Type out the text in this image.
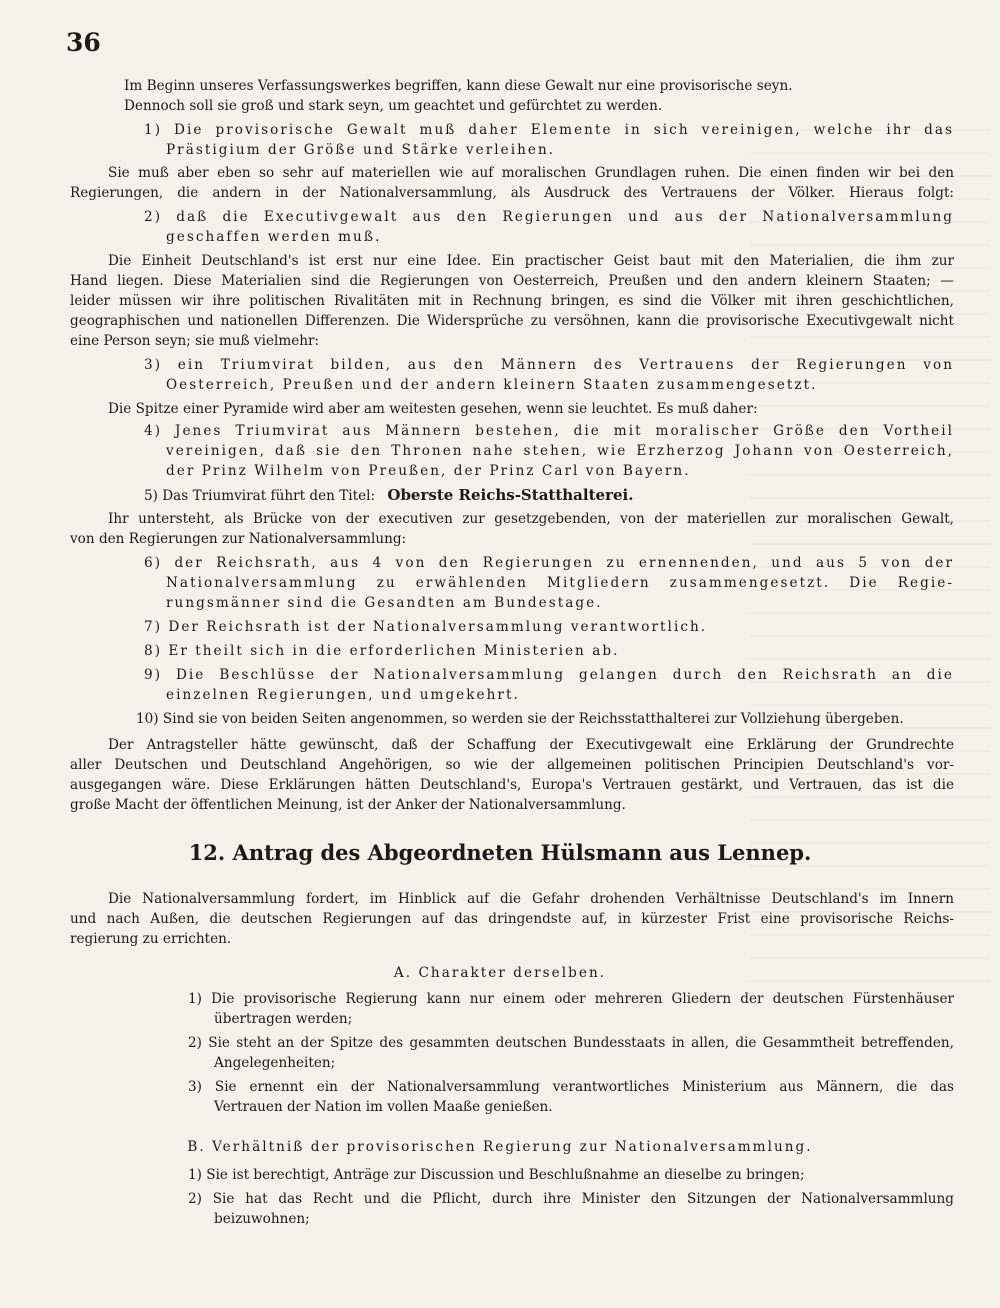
36

Im Beginn unseres Verfassungswerkes begriffen, kann diese Gewalt nur eine provisorische seyn.

Dennoch soll sie groß und stark seyn, um geachtet und gefürchtet zu werden.

1) Die provisorische Gewalt muß daher Elemente in sich vereinigen, welche ihr das

Prästigium der Größe und Stärke verleihen.

Sie muß aber eben so sehr auf materiellen wie auf moralischen Grundlagen ruhen. Die einen finden wir bei den

Regierungen, die andern in der Nationalversammlung, als Ausdruck des Vertrauens der Völker. Hieraus folgt:

2) daß die Executivgewalt aus den Regierungen und aus der Nationalversammlung

geschaffen werden muß.

Die Einheit Deutschland's ist erst nur eine Idee. Ein practischer Geist baut mit den Materialien, die ihm zur

Hand liegen. Diese Materialien sind die Regierungen von Oesterreich, Preußen und den andern kleinern Staaten; —

leider müssen wir ihre politischen Rivalitäten mit in Rechnung bringen, es sind die Völker mit ihren geschichtlichen,

geographischen und nationellen Differenzen. Die Widersprüche zu versöhnen, kann die provisorische Executivgewalt nicht

eine Person seyn; sie muß vielmehr:

3) ein Triumvirat bilden, aus den Männern des Vertrauens der Regierungen von

Oesterreich, Preußen und der andern kleinern Staaten zusammengesetzt.

Die Spitze einer Pyramide wird aber am weitesten gesehen, wenn sie leuchtet. Es muß daher:

4) Jenes Triumvirat aus Männern bestehen, die mit moralischer Größe den Vortheil

vereinigen, daß sie den Thronen nahe stehen, wie Erzherzog Johann von Oesterreich,

der Prinz Wilhelm von Preußen, der Prinz Carl von Bayern.

5) Das Triumvirat führt den Titel: Oberste Reichs-Statthalterei.

Ihr untersteht, als Brücke von der executiven zur gesetzgebenden, von der materiellen zur moralischen Gewalt,

von den Regierungen zur Nationalversammlung:

6) der Reichsrath, aus 4 von den Regierungen zu ernennenden, und aus 5 von der

Nationalversammlung zu erwählenden Mitgliedern zusammengesetzt. Die Regie-

rungsmänner sind die Gesandten am Bundestage.

7) Der Reichsrath ist der Nationalversammlung verantwortlich.

8) Er theilt sich in die erforderlichen Ministerien ab.

9) Die Beschlüsse der Nationalversammlung gelangen durch den Reichsrath an die

einzelnen Regierungen, und umgekehrt.

10) Sind sie von beiden Seiten angenommen, so werden sie der Reichsstatthalterei zur Vollziehung übergeben.

Der Antragsteller hätte gewünscht, daß der Schaffung der Executivgewalt eine Erklärung der Grundrechte

aller Deutschen und Deutschland Angehörigen, so wie der allgemeinen politischen Principien Deutschland's vor-

ausgegangen wäre. Diese Erklärungen hätten Deutschland's, Europa's Vertrauen gestärkt, und Vertrauen, das ist die

große Macht der öffentlichen Meinung, ist der Anker der Nationalversammlung.

12. Antrag des Abgeordneten Hülsmann aus Lennep.

Die Nationalversammlung fordert, im Hinblick auf die Gefahr drohenden Verhältnisse Deutschland's im Innern

und nach Außen, die deutschen Regierungen auf das dringendste auf, in kürzester Frist eine provisorische Reichs-

regierung zu errichten.

A. Charakter derselben.

1) Die provisorische Regierung kann nur einem oder mehreren Gliedern der deutschen Fürstenhäuser

übertragen werden;

2) Sie steht an der Spitze des gesammten deutschen Bundesstaats in allen, die Gesammtheit betreffenden,

Angelegenheiten;

3) Sie ernennt ein der Nationalversammlung verantwortliches Ministerium aus Männern, die das

Vertrauen der Nation im vollen Maaße genießen.

B. Verhältniß der provisorischen Regierung zur Nationalversammlung.

1) Sie ist berechtigt, Anträge zur Discussion und Beschlußnahme an dieselbe zu bringen;

2) Sie hat das Recht und die Pflicht, durch ihre Minister den Sitzungen der Nationalversammlung

beizuwohnen;
